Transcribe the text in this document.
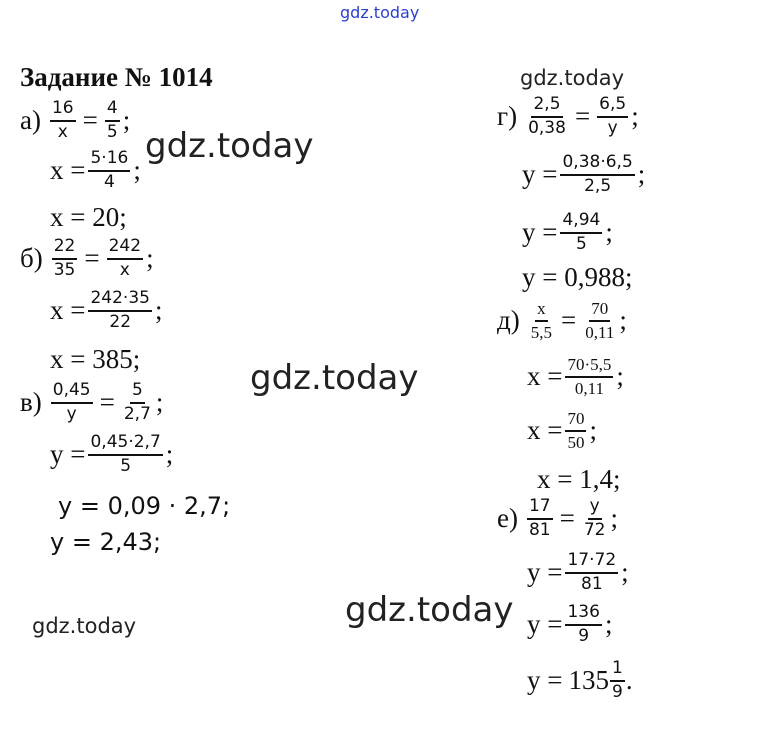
gdz.today
gdz.today
gdz.today
gdz.today
gdz.today
gdz.today
Задание № 1014
$а) \frac{16}{x} = \frac{4}{5}$ ;
$x = \frac{5\cdot 16}{4}$ ;
x = 20;
$б) \frac{22}{35} = \frac{242}{x}$ ;
$x = \frac{242\cdot 35}{22}$ ;
x = 385;
$в) \frac{0,45}{y} = \frac{5}{2,7}$ ;
$y = \frac{0,45\cdot 2,7}{5}$ ;
y = 0,09 · 2,7;
y = 2,43;
$г) \frac{2,5}{0,38} = \frac{6,5}{y}$ ;
$y = \frac{0,38\cdot 6,5}{2,5}$ ;
$y = \frac{4,94}{5}$ ;
y = 0,988;
$д) \frac{x}{5,5} = \frac{70}{0,11}$ ;
$x = \frac{70\cdot 5,5}{0,11}$ ;
$x = \frac{70}{50}$ ;
x = 1,4;
$е) \frac{17}{81} = \frac{y}{72}$ ;
$y = \frac{17\cdot 72}{81}$ ;
$y = \frac{136}{9}$ ;
$y = 135 \frac{1}{9}$ .
